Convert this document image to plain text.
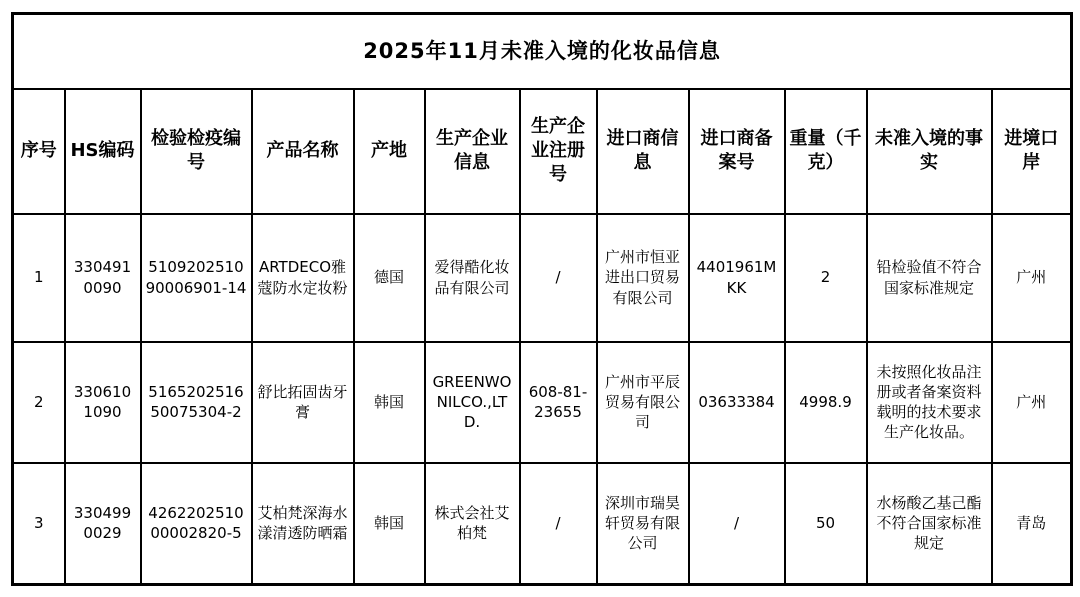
2025年11月未准入境的化妆品信息											
序号	HS编码	检验检疫编号	产品名称	产地	生产企业信息	生产企业注册号	进口商信息	进口商备案号	重量（千克）	未准入境的事实	进境口岸
1	3304910090	510920251090006901-14	ARTDECO雅蔻防水定妆粉	德国	爱得酷化妆品有限公司	/	广州市恒亚进出口贸易有限公司	4401961MKK	2	铅检验值不符合国家标准规定	广州
2	3306101090	516520251650075304-2	舒比拓固齿牙膏	韩国	GREENWONILCO.,LTD.	608-81-23655	广州市平辰贸易有限公司	03633384	4998.9	未按照化妆品注册或者备案资料载明的技术要求生产化妆品。	广州
3	3304990029	426220251000002820-5	艾柏梵深海水漾清透防晒霜	韩国	株式会社艾柏梵	/	深圳市瑞昊轩贸易有限公司	/	50	水杨酸乙基己酯不符合国家标准规定	青岛
